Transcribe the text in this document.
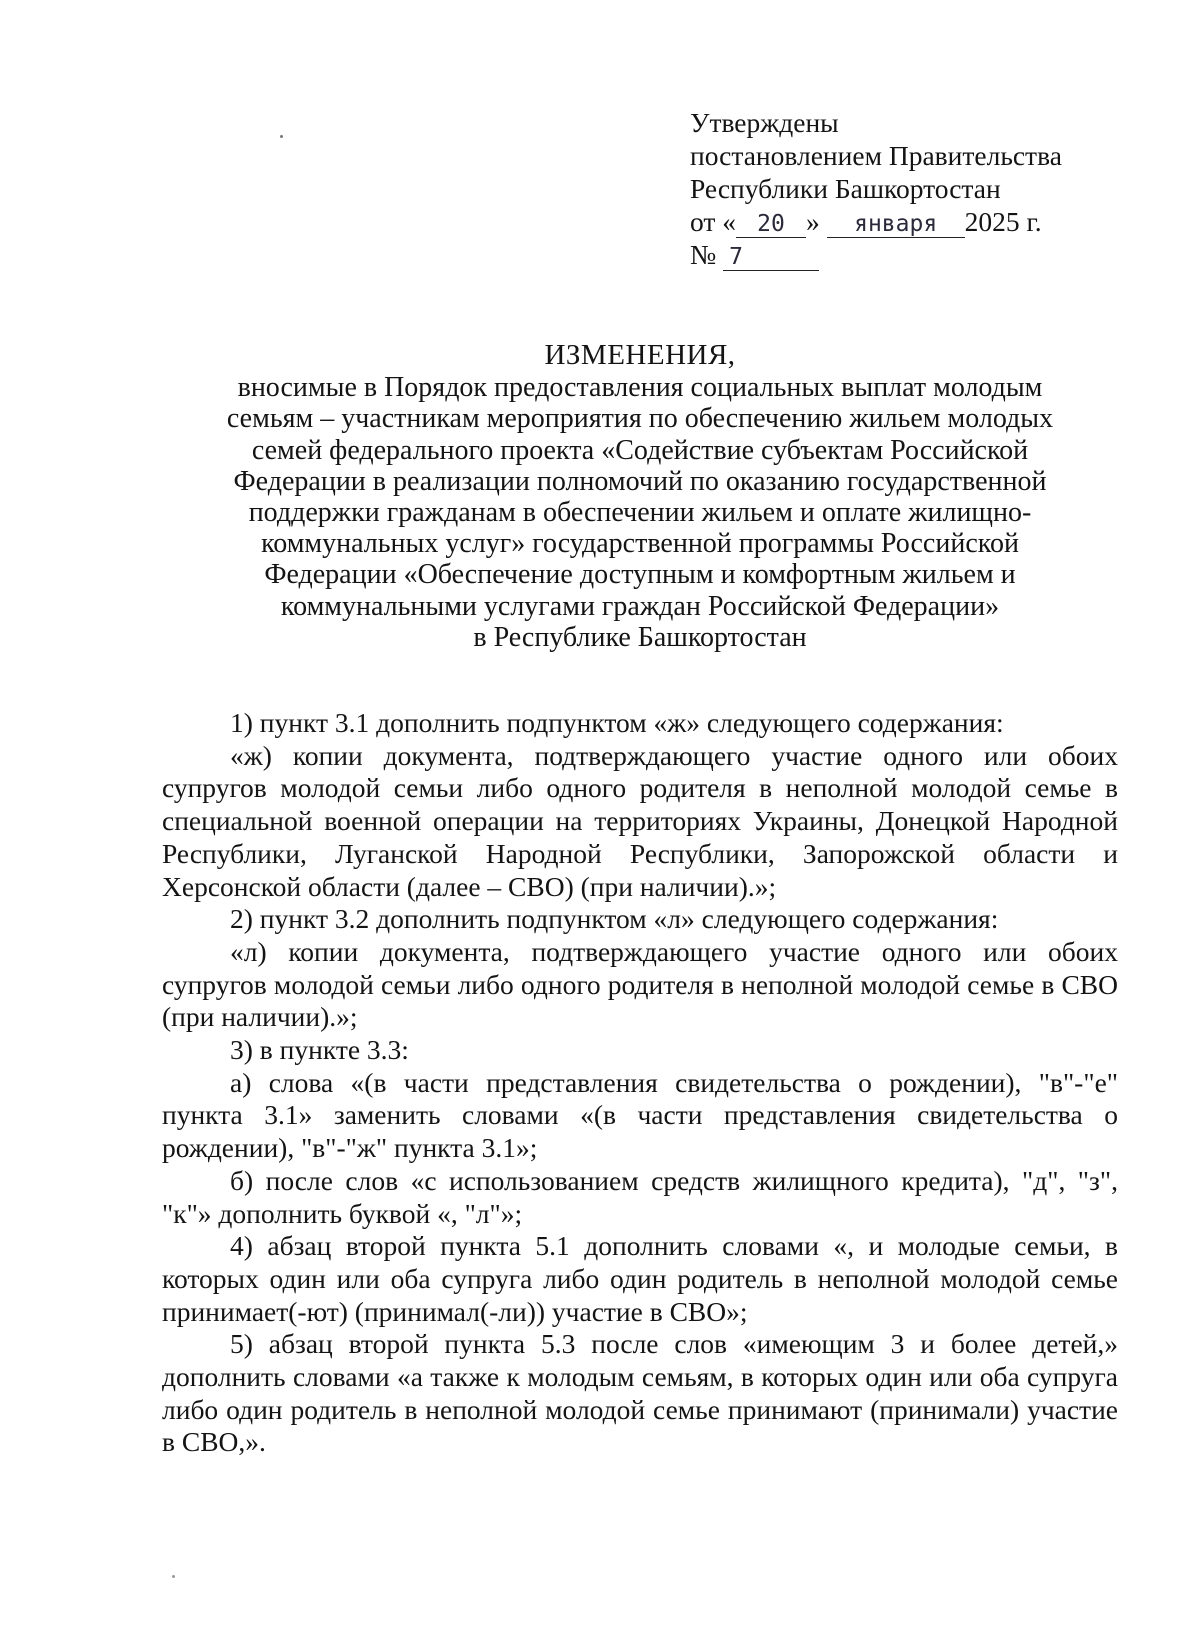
Утверждены
постановлением Правительства
Республики Башкортостан
от « 20 » января 2025 г.
№ 7
ИЗМЕНЕНИЯ,
вносимые в Порядок предоставления социальных выплат молодым
семьям – участникам мероприятия по обеспечению жильем молодых
семей федерального проекта «Содействие субъектам Российской
Федерации в реализации полномочий по оказанию государственной
поддержки гражданам в обеспечении жильем и оплате жилищно-
коммунальных услуг» государственной программы Российской
Федерации «Обеспечение доступным и комфортным жильем и
коммунальными услугами граждан Российской Федерации»
в Республике Башкортостан

1) пункт 3.1 дополнить подпунктом «ж» следующего содержания:

«ж) копии документа, подтверждающего участие одного или обоих супругов молодой семьи либо одного родителя в неполной молодой семье в специальной военной операции на территориях Украины, Донецкой Народной Республики, Луганской Народной Республики, Запорожской области и Херсонской области (далее – СВО) (при наличии).»;

2) пункт 3.2 дополнить подпунктом «л» следующего содержания:

«л) копии документа, подтверждающего участие одного или обоих супругов молодой семьи либо одного родителя в неполной молодой семье в СВО (при наличии).»;

3) в пункте 3.3:

а) слова «(в части представления свидетельства о рождении), "в"-"е" пункта 3.1» заменить словами «(в части представления свидетельства о рождении), "в"-"ж" пункта 3.1»;

б) после слов «с использованием средств жилищного кредита), "д", "з", "к"» дополнить буквой «, "л"»;

4) абзац второй пункта 5.1 дополнить словами «, и молодые семьи, в которых один или оба супруга либо один родитель в неполной молодой семье принимает(-ют) (принимал(-ли)) участие в СВО»;

5) абзац второй пункта 5.3 после слов «имеющим 3 и более детей,» дополнить словами «а также к молодым семьям, в которых один или оба супруга либо один родитель в неполной молодой семье принимают (принимали) участие в СВО,».
